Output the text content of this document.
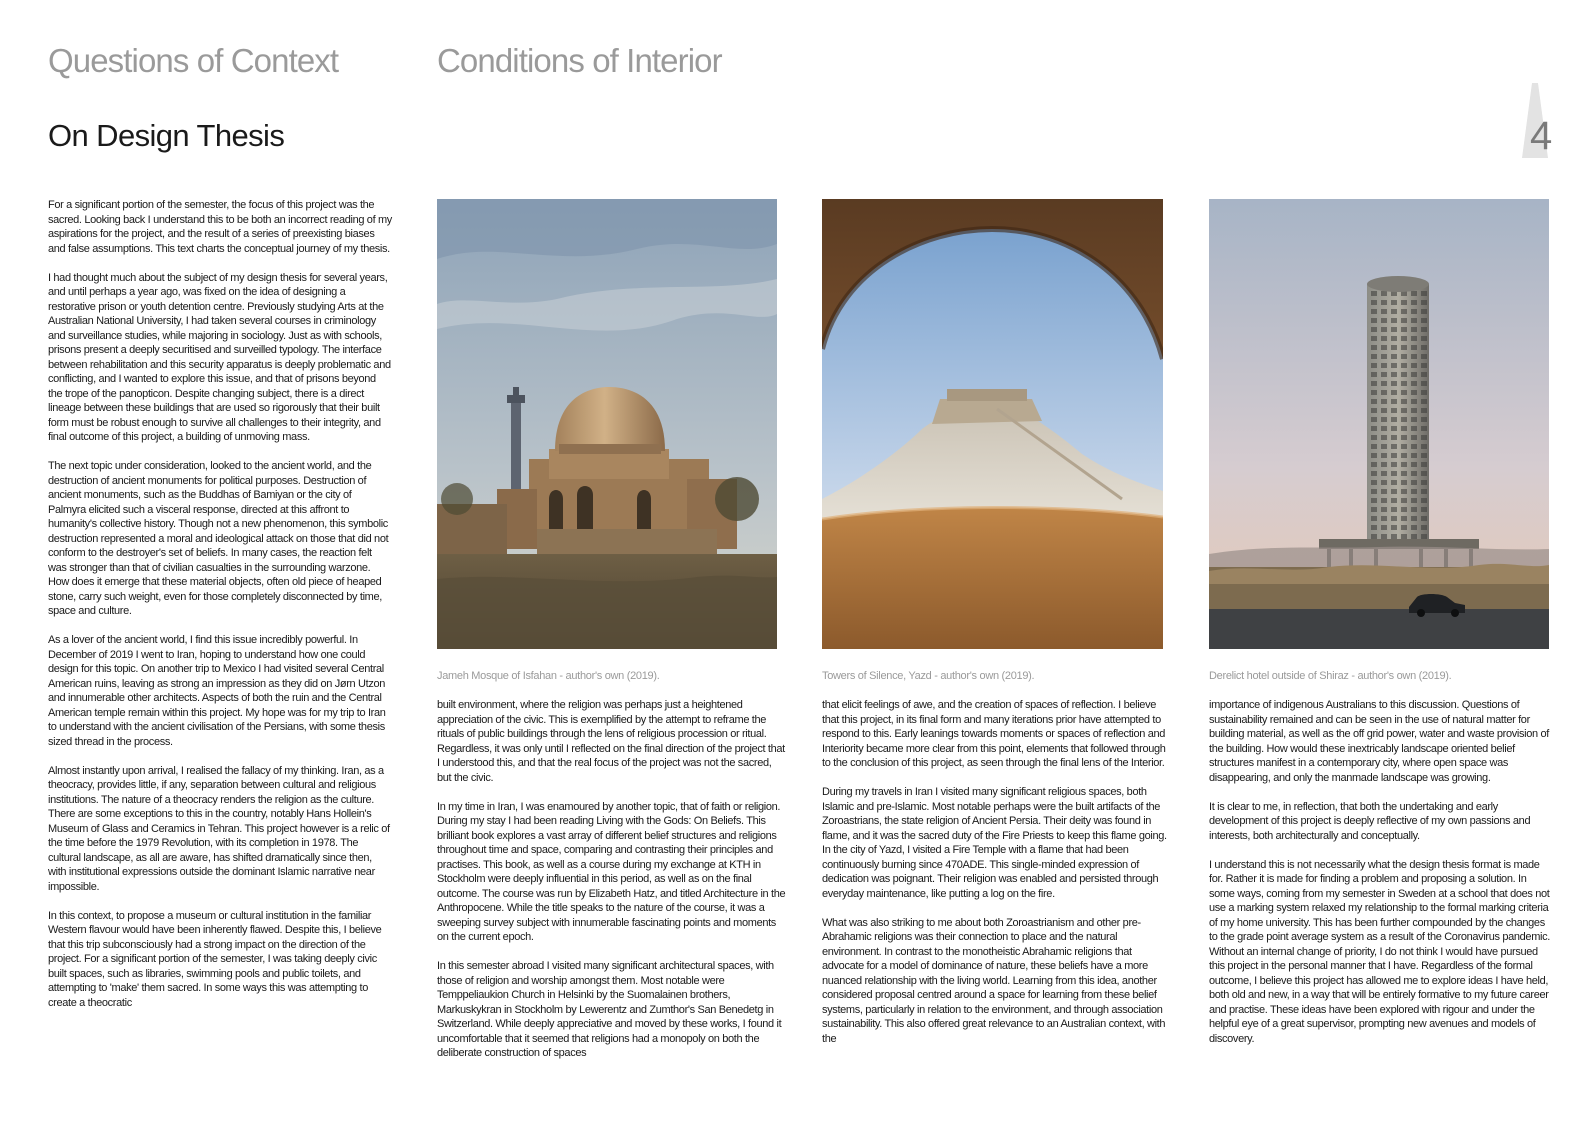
Questions of Context	Conditions of Interior
On Design Thesis	4

For a significant portion of the semester, the focus of this project was the sacred. Looking back I understand this to be both an incorrect reading of my aspirations for the project, and the result of a series of preexisting biases and false assumptions. This text charts the conceptual journey of my thesis.

I had thought much about the subject of my design thesis for several years, and until perhaps a year ago, was fixed on the idea of designing a restorative prison or youth detention centre. Previously studying Arts at the Australian National University, I had taken several courses in criminology and surveillance studies, while majoring in sociology. Just as with schools, prisons present a deeply securitised and surveilled typology. The interface between rehabilitation and this security apparatus is deeply problematic and conflicting, and I wanted to explore this issue, and that of prisons beyond the trope of the panopticon. Despite changing subject, there is a direct lineage between these buildings that are used so rigorously that their built form must be robust enough to survive all challenges to their integrity, and final outcome of this project, a building of unmoving mass.

The next topic under consideration, looked to the ancient world, and the destruction of ancient monuments for political purposes. Destruction of ancient monuments, such as the Buddhas of Bamiyan or the city of Palmyra elicited such a visceral response, directed at this affront to humanity's collective history. Though not a new phenomenon, this symbolic destruction represented a moral and ideological attack on those that did not conform to the destroyer's set of beliefs. In many cases, the reaction felt was stronger than that of civilian casualties in the surrounding warzone. How does it emerge that these material objects, often old piece of heaped stone, carry such weight, even for those completely disconnected by time, space and culture.

As a lover of the ancient world, I find this issue incredibly powerful. In December of 2019 I went to Iran, hoping to understand how one could design for this topic. On another trip to Mexico I had visited several Central American ruins, leaving as strong an impression as they did on Jørn Utzon and innumerable other architects. Aspects of both the ruin and the Central American temple remain within this project. My hope was for my trip to Iran to understand with the ancient civilisation of the Persians, with some thesis sized thread in the process.

Almost instantly upon arrival, I realised the fallacy of my thinking. Iran, as a theocracy, provides little, if any, separation between cultural and religious institutions. The nature of a theocracy renders the religion as the culture. There are some exceptions to this in the country, notably Hans Hollein's Museum of Glass and Ceramics in Tehran. This project however is a relic of the time before the 1979 Revolution, with its completion in 1978. The cultural landscape, as all are aware, has shifted dramatically since then, with institutional expressions outside the dominant Islamic narrative near impossible.

In this context, to propose a museum or cultural institution in the familiar Western flavour would have been inherently flawed. Despite this, I believe that this trip subconsciously had a strong impact on the direction of the project. For a significant portion of the semester, I was taking deeply civic built spaces, such as libraries, swimming pools and public toilets, and attempting to 'make' them sacred. In some ways this was attempting to create a theocratic

Jameh Mosque of Isfahan - author's own (2019).	Towers of Silence, Yazd - author's own (2019).	Derelict hotel outside of Shiraz - author's own (2019).

built environment, where the religion was perhaps just a heightened appreciation of the civic. This is exemplified by the attempt to reframe the rituals of public buildings through the lens of religious procession or ritual. Regardless, it was only until I reflected on the final direction of the project that I understood this, and that the real focus of the project was not the sacred, but the civic.

In my time in Iran, I was enamoured by another topic, that of faith or religion. During my stay I had been reading Living with the Gods: On Beliefs. This brilliant book explores a vast array of different belief structures and religions throughout time and space, comparing and contrasting their principles and practises. This book, as well as a course during my exchange at KTH in Stockholm were deeply influential in this period, as well as on the final outcome. The course was run by Elizabeth Hatz, and titled Architecture in the Anthropocene. While the title speaks to the nature of the course, it was a sweeping survey subject with innumerable fascinating points and moments on the current epoch.

In this semester abroad I visited many significant architectural spaces, with those of religion and worship amongst them. Most notable were Temppeliaukion Church in Helsinki by the Suomalainen brothers, Markuskykran in Stockholm by Lewerentz and Zumthor's San Benedetg in Switzerland. While deeply appreciative and moved by these works, I found it uncomfortable that it seemed that religions had a monopoly on both the deliberate construction of spaces

that elicit feelings of awe, and the creation of spaces of reflection. I believe that this project, in its final form and many iterations prior have attempted to respond to this. Early leanings towards moments or spaces of reflection and Interiority became more clear from this point, elements that followed through to the conclusion of this project, as seen through the final lens of the Interior.

During my travels in Iran I visited many significant religious spaces, both Islamic and pre-Islamic. Most notable perhaps were the built artifacts of the Zoroastrians, the state religion of Ancient Persia. Their deity was found in flame, and it was the sacred duty of the Fire Priests to keep this flame going. In the city of Yazd, I visited a Fire Temple with a flame that had been continuously burning since 470ADE. This single-minded expression of dedication was poignant. Their religion was enabled and persisted through everyday maintenance, like putting a log on the fire.

What was also striking to me about both Zoroastrianism and other pre-Abrahamic religions was their connection to place and the natural environment. In contrast to the monotheistic Abrahamic religions that advocate for a model of dominance of nature, these beliefs have a more nuanced relationship with the living world. Learning from this idea, another considered proposal centred around a space for learning from these belief systems, particularly in relation to the environment, and through association sustainability. This also offered great relevance to an Australian context, with the

importance of indigenous Australians to this discussion. Questions of sustainability remained and can be seen in the use of natural matter for building material, as well as the off grid power, water and waste provision of the building. How would these inextricably landscape oriented belief structures manifest in a contemporary city, where open space was disappearing, and only the manmade landscape was growing.

It is clear to me, in reflection, that both the undertaking and early development of this project is deeply reflective of my own passions and interests, both architecturally and conceptually.

I understand this is not necessarily what the design thesis format is made for. Rather it is made for finding a problem and proposing a solution. In some ways, coming from my semester in Sweden at a school that does not use a marking system relaxed my relationship to the formal marking criteria of my home university. This has been further compounded by the changes to the grade point average system as a result of the Coronavirus pandemic. Without an internal change of priority, I do not think I would have pursued this project in the personal manner that I have. Regardless of the formal outcome, I believe this project has allowed me to explore ideas I have held, both old and new, in a way that will be entirely formative to my future career and practise. These ideas have been explored with rigour and under the helpful eye of a great supervisor, prompting new avenues and models of discovery.
